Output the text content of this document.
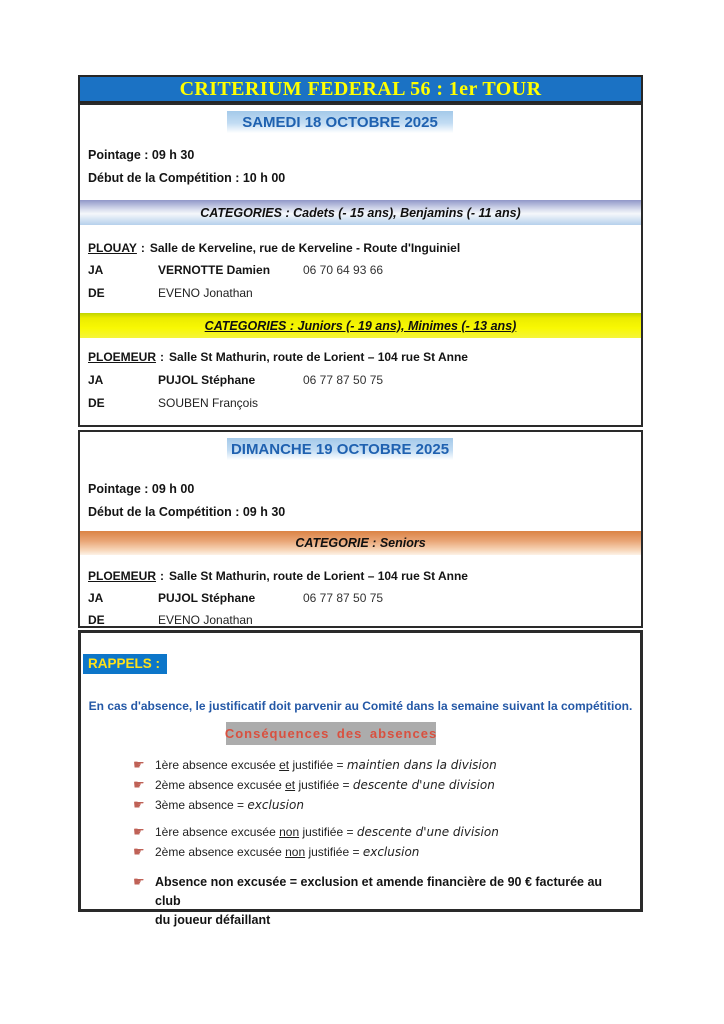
CRITERIUM FEDERAL 56 : 1er TOUR
SAMEDI 18 OCTOBRE 2025
Pointage : 09 h 30
Début de la Compétition : 10 h 00
CATEGORIES : Cadets (- 15 ans), Benjamins (- 11 ans)
PLOUAY : Salle de Kerveline, rue de Kerveline - Route d'Inguiniel
JA	VERNOTTE Damien	06 70 64 93 66
DE	EVENO Jonathan
CATEGORIES : Juniors (- 19 ans), Minimes (- 13 ans)
PLOEMEUR : Salle St Mathurin, route de Lorient – 104 rue St Anne
JA	PUJOL Stéphane	06 77 87 50 75
DE	SOUBEN François
DIMANCHE 19 OCTOBRE 2025
Pointage : 09 h 00
Début de la Compétition : 09 h 30
CATEGORIE : Seniors
PLOEMEUR : Salle St Mathurin, route de Lorient – 104 rue St Anne
JA	PUJOL Stéphane	06 77 87 50 75
DE	EVENO Jonathan
RAPPELS :
En cas d'absence, le justificatif doit parvenir au Comité dans la semaine suivant la compétition.
Conséquences des absences
☛ 1ère absence excusée et justifiée = maintien dans la division
☛ 2ème absence excusée et justifiée = descente d'une division
☛ 3ème absence = exclusion
☛ 1ère absence excusée non justifiée = descente d'une division
☛ 2ème absence excusée non justifiée = exclusion
☛ Absence non excusée = exclusion et amende financière de 90 € facturée au club
du joueur défaillant
